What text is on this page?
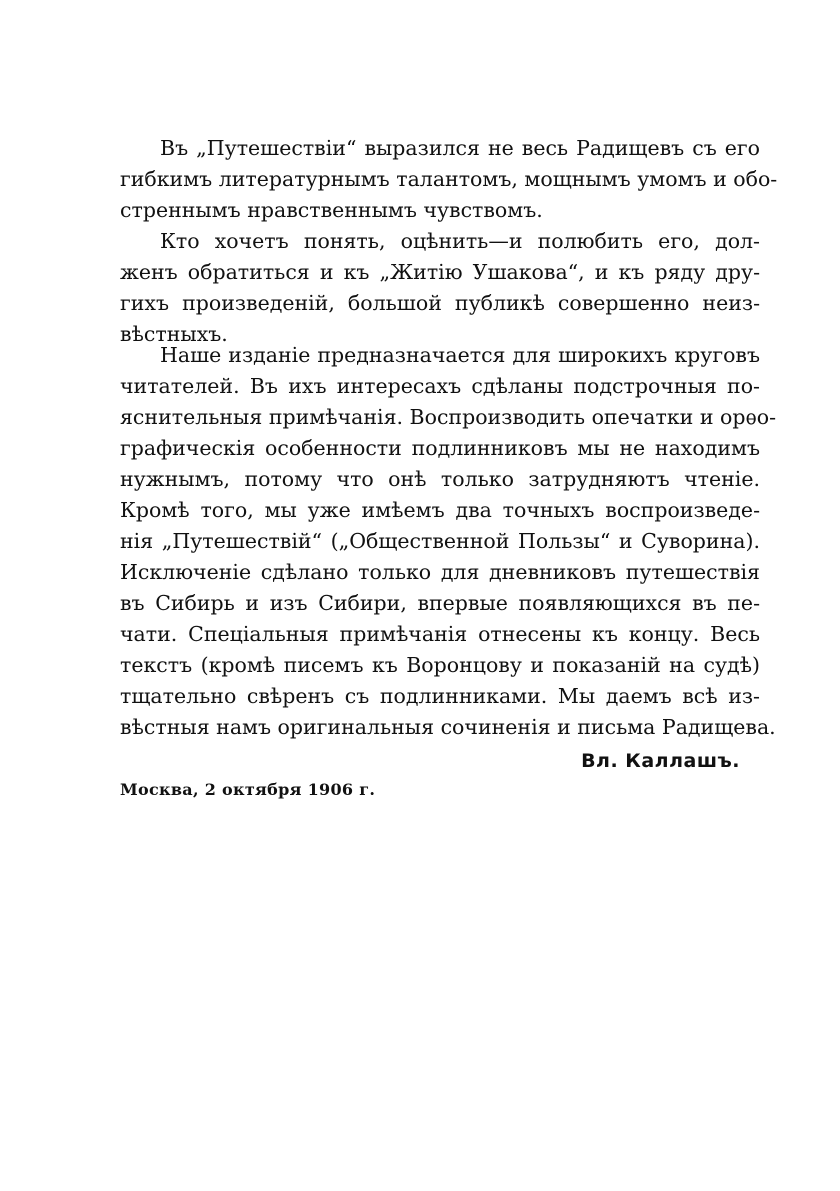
Въ „Путешествіи“ выразился не весь Радищевъ съ его
гибкимъ литературнымъ талантомъ, мощнымъ умомъ и обо-
стреннымъ нравственнымъ чувствомъ.
Кто хочетъ понять, оцѣнить—и полюбить его, дол-
женъ обратиться и къ „Житію Ушакова“, и къ ряду дру-
гихъ произведеній, большой публикѣ совершенно неиз-
вѣстныхъ.
Наше изданіе предназначается для широкихъ круговъ
читателей. Въ ихъ интересахъ сдѣланы подстрочныя по-
яснительныя примѣчанія. Воспроизводить опечатки и орѳо-
графическія особенности подлинниковъ мы не находимъ
нужнымъ, потому что онѣ только затрудняютъ чтеніе.
Кромѣ того, мы уже имѣемъ два точныхъ воспроизведе-
нія „Путешествій“ („Общественной Пользы“ и Суворина).
Исключеніе сдѣлано только для дневниковъ путешествія
въ Сибирь и изъ Сибири, впервые появляющихся въ пе-
чати. Спеціальныя примѣчанія отнесены къ концу. Весь
текстъ (кромѣ писемъ къ Воронцову и показаній на судѣ)
тщательно свѣренъ съ подлинниками. Мы даемъ всѣ из-
вѣстныя намъ оригинальныя сочиненія и письма Радищева.
Вл. Каллашъ.
Москва, 2 октября 1906 г.
